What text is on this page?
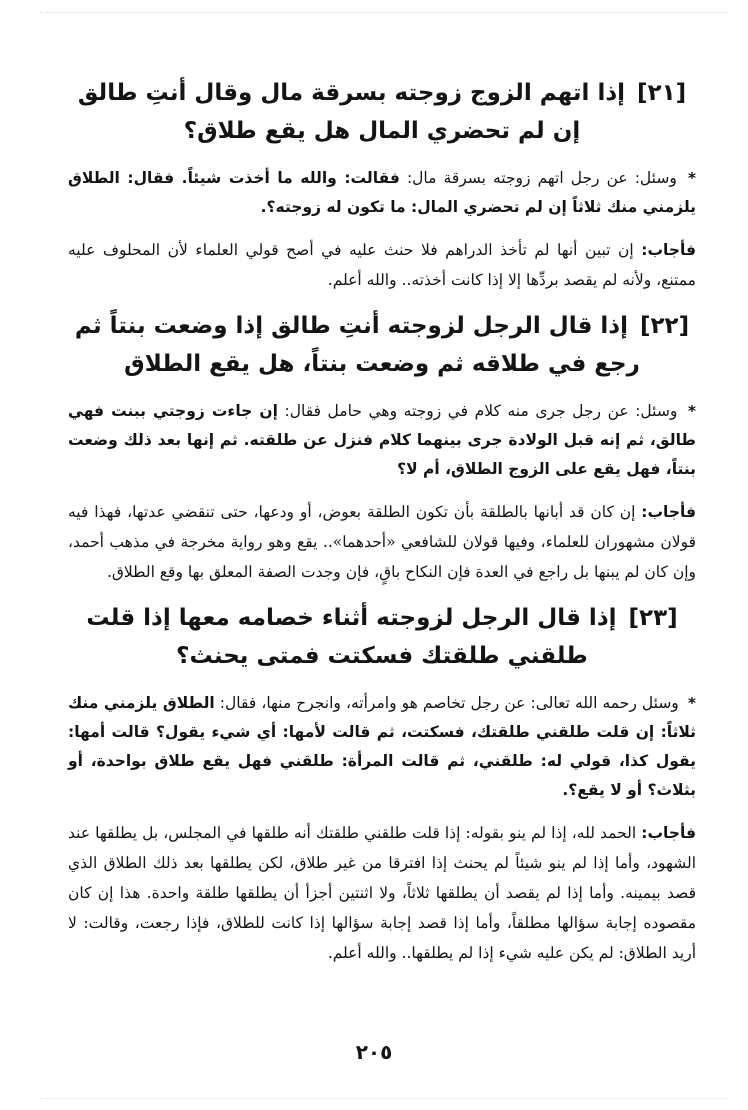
[٢١] إذا اتهم الزوج زوجته بسرقة مال وقال أنتِ طالق إن لم تحضري المال هل يقع طلاق؟

* وسئل: عن رجل اتهم زوجته بسرقة مال: فقالت: والله ما أخذت شيئاً. فقال: الطلاق يلزمني منك ثلاثاً إن لم تحضري المال: ما تكون له زوجته؟.

فأجاب: إن تبين أنها لم تأخذ الدراهم فلا حنث عليه في أصح قولي العلماء لأن المحلوف عليه ممتنع، ولأنه لم يقصد بردِّها إلا إذا كانت أخذته.. والله أعلم.

[٢٢] إذا قال الرجل لزوجته أنتِ طالق إذا وضعت بنتاً ثم رجع في طلاقه ثم وضعت بنتاً، هل يقع الطلاق

* وسئل: عن رجل جرى منه كلام في زوجته وهي حامل فقال: إن جاءت زوجتي ببنت فهي طالق، ثم إنه قبل الولادة جرى بينهما كلام فنزل عن طلقته. ثم إنها بعد ذلك وضعت بنتاً، فهل يقع على الزوج الطلاق، أم لا؟

فأجاب: إن كان قد أبانها بالطلقة بأن تكون الطلقة بعوض، أو ودعها، حتى تنقضي عدتها، فهذا فيه قولان مشهوران للعلماء، وفيها قولان للشافعي «أحدهما».. يقع وهو رواية مخرجة في مذهب أحمد، وإن كان لم يبنها بل راجع في العدة فإن النكاح باقٍ، فإن وجدت الصفة المعلق بها وقع الطلاق.

[٢٣] إذا قال الرجل لزوجته أثناء خصامه معها إذا قلت طلقني طلقتك فسكتت فمتى يحنث؟

* وسئل رحمه الله تعالى: عن رجل تخاصم هو وامرأته، وانجرح منها، فقال: الطلاق يلزمني منك ثلاثاً: إن قلت طلقني طلقتك، فسكتت، ثم قالت لأمها: أي شيء يقول؟ قالت أمها: يقول كذا، قولي له: طلقني، ثم قالت المرأة: طلقني فهل يقع طلاق بواحدة، أو بثلاث؟ أو لا يقع؟.

فأجاب: الحمد لله، إذا لم ينو بقوله: إذا قلت طلقني طلقتك أنه طلقها في المجلس، بل يطلقها عند الشهود، وأما إذا لم ينو شيئاً لم يحنث إذا افترقا من غير طلاق، لكن يطلقها بعد ذلك الطلاق الذي قصد بيمينه. وأما إذا لم يقصد أن يطلقها ثلاثاً، ولا اثنتين أجزأ أن يطلقها طلقة واحدة. هذا إن كان مقصوده إجابة سؤالها مطلقاً، وأما إذا قصد إجابة سؤالها إذا كانت للطلاق، فإذا رجعت، وقالت: لا أريد الطلاق: لم يكن عليه شيء إذا لم يطلقها.. والله أعلم.

٢٠٥
